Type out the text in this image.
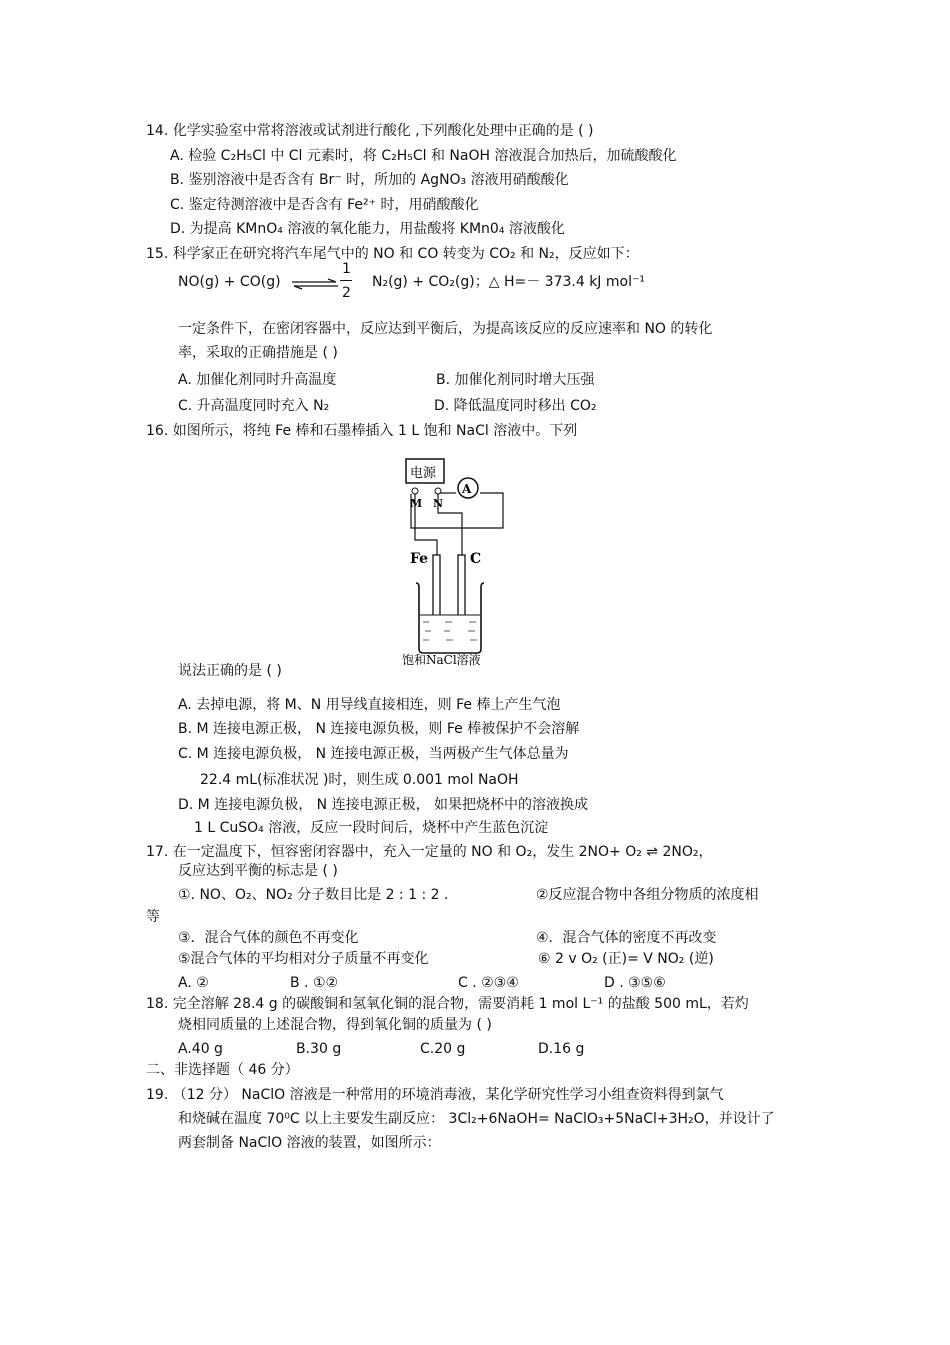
14. 化学实验室中常将溶液或试剂进行酸化 ,下列酸化处理中正确的是 ( )
A. 检验 C₂H₅Cl 中 Cl 元素时，将 C₂H₅Cl 和 NaOH 溶液混合加热后，加硫酸酸化
B. 鉴别溶液中是否含有 Br⁻ 时，所加的 AgNO₃ 溶液用硝酸酸化
C. 鉴定待测溶液中是否含有 Fe²⁺ 时，用硝酸酸化
D. 为提高 KMnO₄ 溶液的氧化能力，用盐酸将 KMn0₄ 溶液酸化
15. 科学家正在研究将汽车尾气中的 NO 和 CO 转变为 CO₂ 和 N₂，反应如下：
NO(g) + CO(g) ⇌
1
2
N₂(g) + CO₂(g)；△ H=－ 373.4 kJ mol⁻¹
一定条件下，在密闭容器中，反应达到平衡后，为提高该反应的反应速率和 NO 的转化
率，采取的正确措施是 ( )
A. 加催化剂同时升高温度	B. 加催化剂同时增大压强
C. 升高温度同时充入 N₂	D. 降低温度同时移出 CO₂
16. 如图所示，将纯 Fe 棒和石墨棒插入 1 L 饱和 NaCl 溶液中。下列
电源
A
M N
Fe	C
饱和NaCl溶液
说法正确的是 ( )
A. 去掉电源，将 M、N 用导线直接相连，则 Fe 棒上产生气泡
B. M 连接电源正极， N 连接电源负极，则 Fe 棒被保护不会溶解
C. M 连接电源负极， N 连接电源正极，当两极产生气体总量为
22.4 mL(标准状况 )时，则生成 0.001 mol NaOH
D. M 连接电源负极， N 连接电源正极， 如果把烧杯中的溶液换成
1 L CuSO₄ 溶液，反应一段时间后，烧杯中产生蓝色沉淀
17. 在一定温度下，恒容密闭容器中，充入一定量的 NO 和 O₂，发生 2NO+ O₂ ⇌ 2NO₂，
反应达到平衡的标志是 ( )
①. NO、O₂、NO₂ 分子数目比是 2 : 1 : 2 .	②反应混合物中各组分物质的浓度相
等
③．混合气体的颜色不再变化	④．混合气体的密度不再改变
⑤混合气体的平均相对分子质量不再变化	⑥ 2 v O₂ (正)= V NO₂ (逆)
A. ②	B . ①②	C . ②③④	D . ③⑤⑥
18. 完全溶解 28.4 g 的碳酸铜和氢氧化铜的混合物，需要消耗 1 mol L⁻¹ 的盐酸 500 mL，若灼
烧相同质量的上述混合物，得到氧化铜的质量为 ( )
A.40 g	B.30 g	C.20 g	D.16 g
二、非选择题（ 46 分）
19. （12 分） NaClO 溶液是一种常用的环境消毒液，某化学研究性学习小组查资料得到氯气
和烧碱在温度 70⁰C 以上主要发生副反应： 3Cl₂+6NaOH= NaClO₃+5NaCl+3H₂O，并设计了
两套制备 NaClO 溶液的装置，如图所示：
